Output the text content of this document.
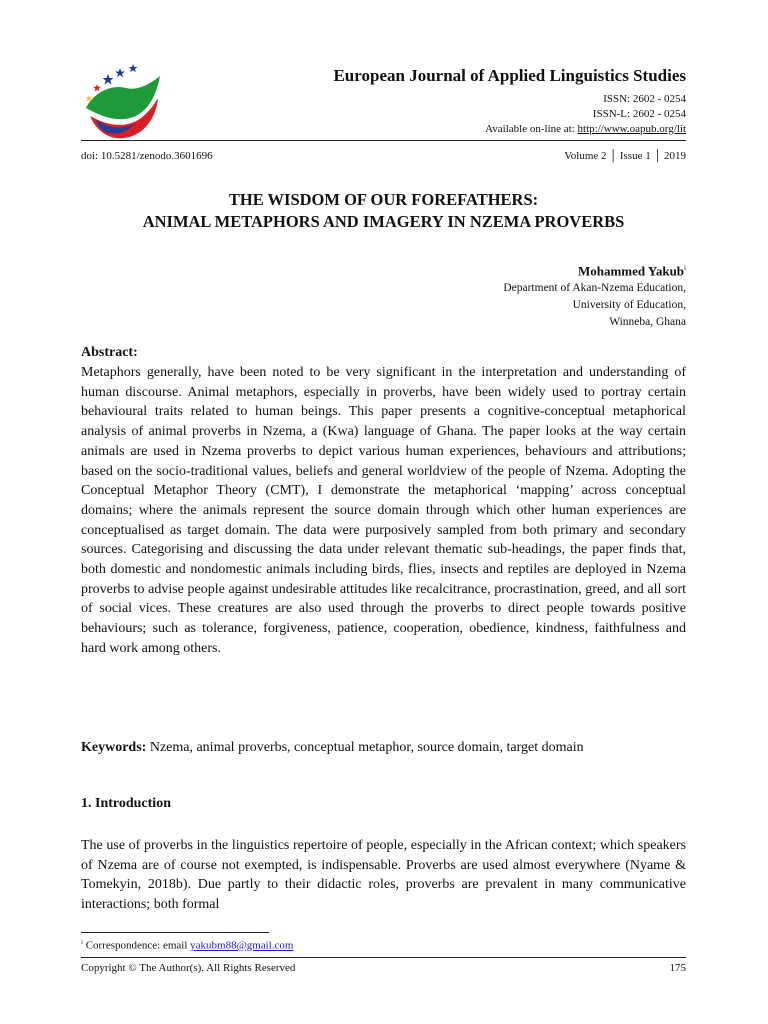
European Journal of Applied Linguistics Studies
ISSN: 2602 - 0254
ISSN-L: 2602 - 0254
Available on-line at: http://www.oapub.org/lit
doi: 10.5281/zenodo.3601696	Volume 2 │ Issue 1 │ 2019
THE WISDOM OF OUR FOREFATHERS:
ANIMAL METAPHORS AND IMAGERY IN NZEMA PROVERBS
Mohammed Yakub$^i$
Department of Akan-Nzema Education,
University of Education,
Winneba, Ghana
Abstract:
Metaphors generally, have been noted to be very significant in the interpretation and understanding of human discourse. Animal metaphors, especially in proverbs, have been widely used to portray certain behavioural traits related to human beings. This paper presents a cognitive-conceptual metaphorical analysis of animal proverbs in Nzema, a (Kwa) language of Ghana. The paper looks at the way certain animals are used in Nzema proverbs to depict various human experiences, behaviours and attributions; based on the socio-traditional values, beliefs and general worldview of the people of Nzema. Adopting the Conceptual Metaphor Theory (CMT), I demonstrate the metaphorical ‘mapping’ across conceptual domains; where the animals represent the source domain through which other human experiences are conceptualised as target domain. The data were purposively sampled from both primary and secondary sources. Categorising and discussing the data under relevant thematic sub-headings, the paper finds that, both domestic and nondomestic animals including birds, flies, insects and reptiles are deployed in Nzema proverbs to advise people against undesirable attitudes like recalcitrance, procrastination, greed, and all sort of social vices. These creatures are also used through the proverbs to direct people towards positive behaviours; such as tolerance, forgiveness, patience, cooperation, obedience, kindness, faithfulness and hard work among others.
Keywords: Nzema, animal proverbs, conceptual metaphor, source domain, target domain
1. Introduction
The use of proverbs in the linguistics repertoire of people, especially in the African context; which speakers of Nzema are of course not exempted, is indispensable. Proverbs are used almost everywhere (Nyame & Tomekyin, 2018b). Due partly to their didactic roles, proverbs are prevalent in many communicative interactions; both formal
$^i$ Correspondence: email yakubm88@gmail.com
Copyright © The Author(s). All Rights Reserved	175
